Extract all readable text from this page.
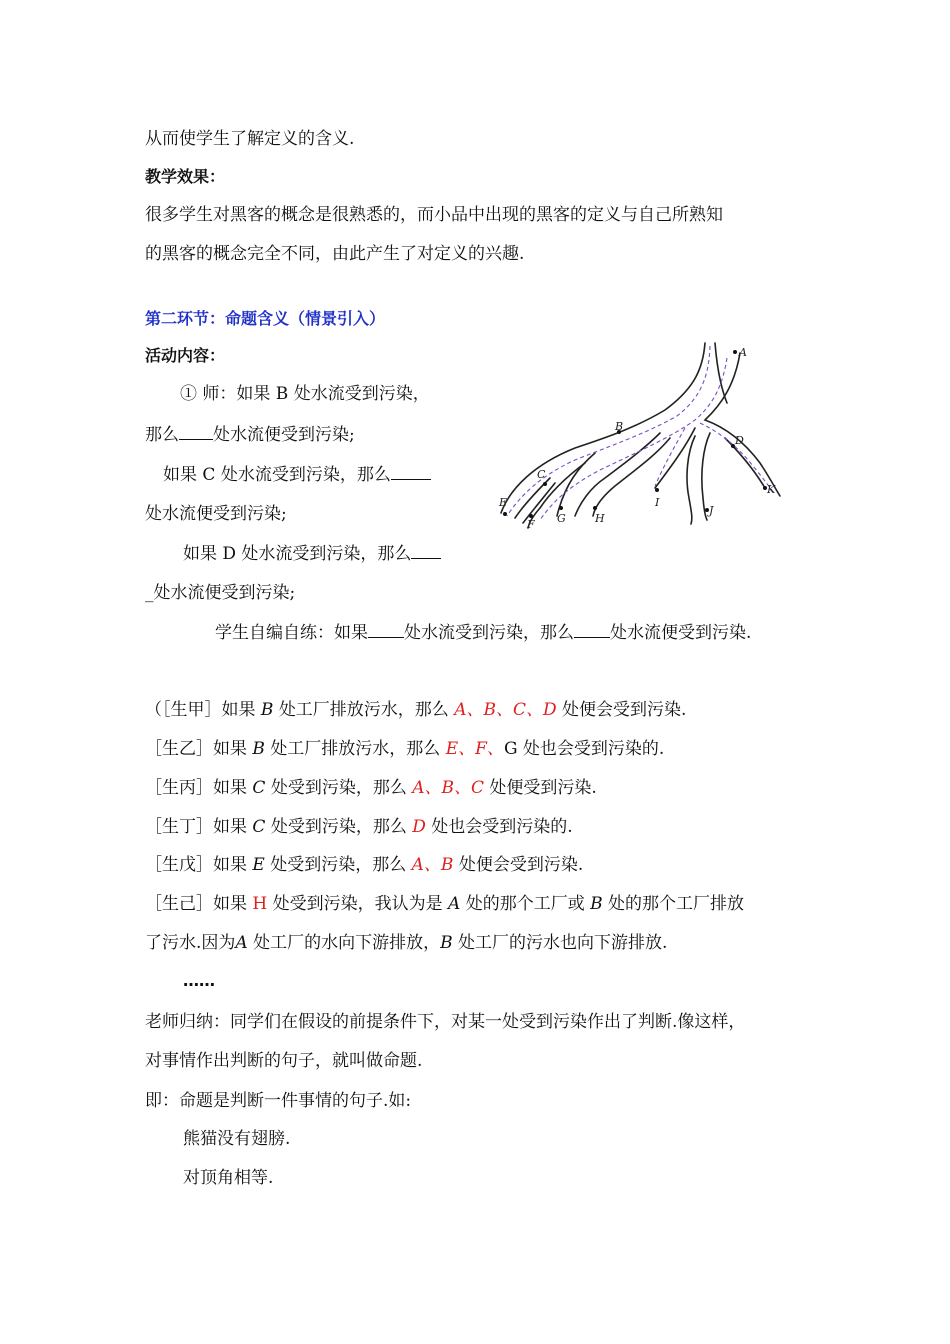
从而使学生了解定义的含义.
教学效果：
很多学生对黑客的概念是很熟悉的，而小品中出现的黑客的定义与自己所熟知
的黑客的概念完全不同，由此产生了对定义的兴趣.
第二环节：命题含义（情景引入）
活动内容：
① 师：如果 B 处水流受到污染，
那么 处水流便受到污染;
如果 C 处水流受到污染，那么
处水流便受到污染;
如果 D 处水流受到污染，那么
_处水流便受到污染;
A
B
D
C
E
F G	H
I
J
K
学生自编自练：如果 处水流受到污染，那么 处水流便受到污染.
（［生甲］如果 B 处工厂排放污水，那么 A、B、C、D 处便会受到污染.
［生乙］如果 B 处工厂排放污水，那么 E、F、G 处也会受到污染的.
［生丙］如果 C 处受到污染，那么 A、B、C 处便受到污染.
［生丁］如果 C 处受到污染，那么 D 处也会受到污染的.
［生戊］如果 E 处受到污染，那么 A、B 处便会受到污染.
［生己］如果 H 处受到污染，我认为是 A 处的那个工厂或 B 处的那个工厂排放
了污水.因为A 处工厂的水向下游排放，B 处工厂的污水也向下游排放.
……
老师归纳：同学们在假设的前提条件下，对某一处受到污染作出了判断.像这样，
对事情作出判断的句子，就叫做命题.
即：命题是判断一件事情的句子.如:
熊猫没有翅膀.
对顶角相等.
